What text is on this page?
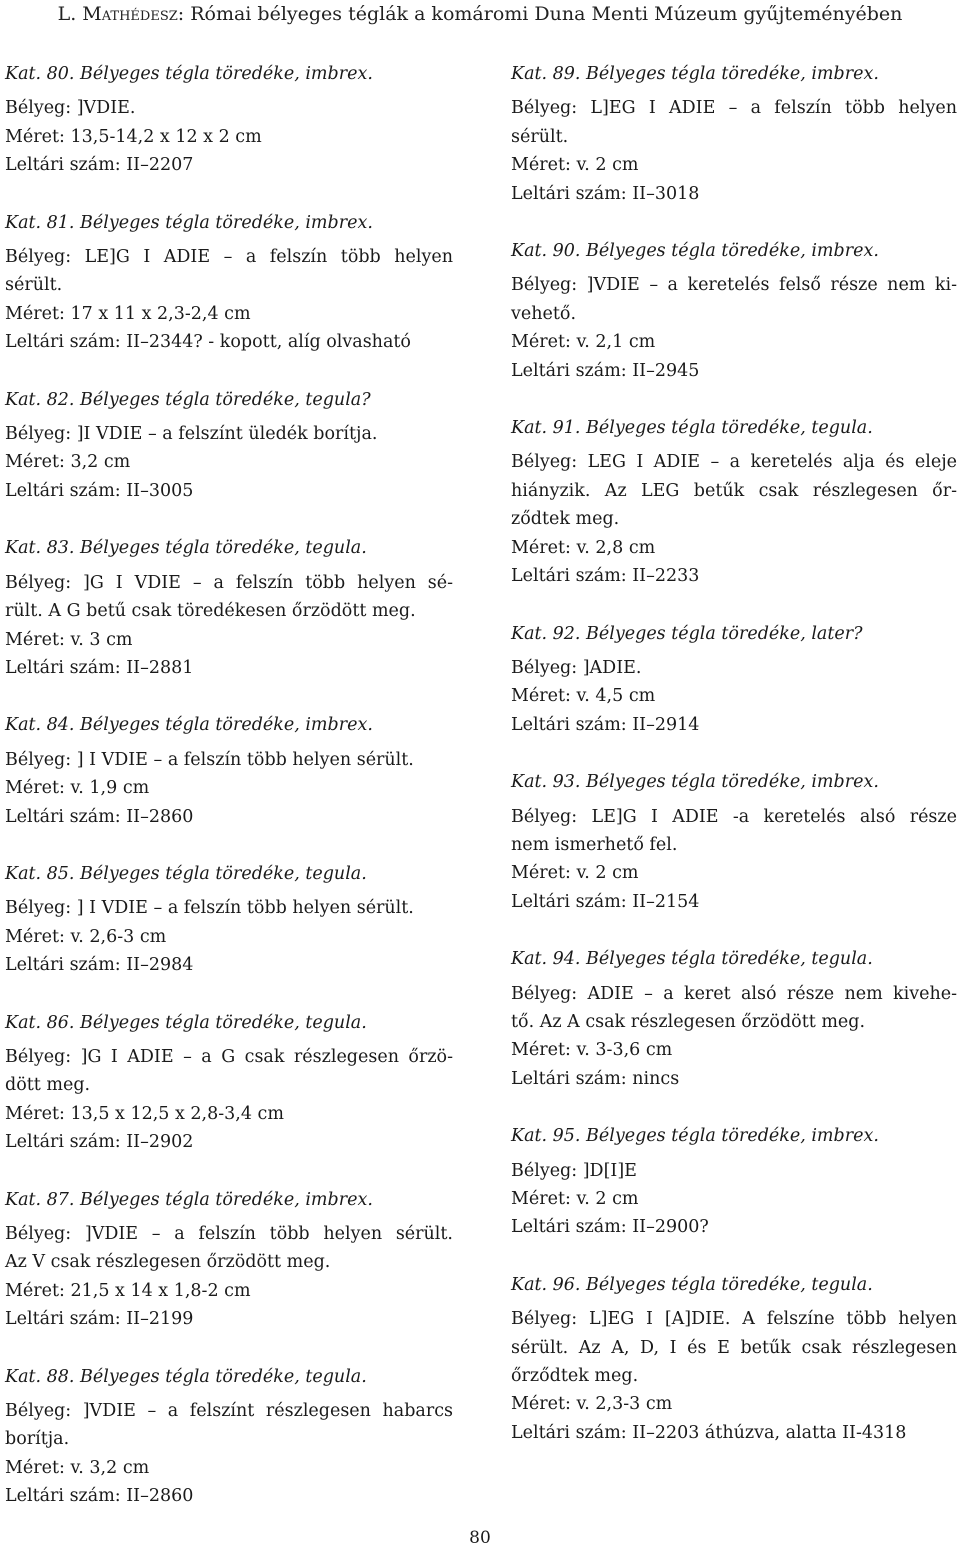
L. Mathédesz: Római bélyeges téglák a komáromi Duna Menti Múzeum gyűjteményében
Kat. 80. Bélyeges tégla töredéke, imbrex.
Bélyeg: ]VDIE.
Méret: 13,5-14,2 x 12 x 2 cm
Leltári szám: II–2207
Kat. 81. Bélyeges tégla töredéke, imbrex.
Bélyeg: LE]G I ADIE – a felszín több helyen
sérült.
Méret: 17 x 11 x 2,3-2,4 cm
Leltári szám: II–2344? - kopott, alíg olvasható
Kat. 82. Bélyeges tégla töredéke, tegula?
Bélyeg: ]I VDIE – a felszínt üledék borítja.
Méret: 3,2 cm
Leltári szám: II–3005
Kat. 83. Bélyeges tégla töredéke, tegula.
Bélyeg: ]G I VDIE – a felszín több helyen sé-
rült. A G betű csak töredékesen őrzödött meg.
Méret: v. 3 cm
Leltári szám: II–2881
Kat. 84. Bélyeges tégla töredéke, imbrex.
Bélyeg: ] I VDIE – a felszín több helyen sérült.
Méret: v. 1,9 cm
Leltári szám: II–2860
Kat. 85. Bélyeges tégla töredéke, tegula.
Bélyeg: ] I VDIE – a felszín több helyen sérült.
Méret: v. 2,6-3 cm
Leltári szám: II–2984
Kat. 86. Bélyeges tégla töredéke, tegula.
Bélyeg: ]G I ADIE – a G csak részlegesen őrzö-
dött meg.
Méret: 13,5 x 12,5 x 2,8-3,4 cm
Leltári szám: II–2902
Kat. 87. Bélyeges tégla töredéke, imbrex.
Bélyeg: ]VDIE – a felszín több helyen sérült.
Az V csak részlegesen őrzödött meg.
Méret: 21,5 x 14 x 1,8-2 cm
Leltári szám: II–2199
Kat. 88. Bélyeges tégla töredéke, tegula.
Bélyeg: ]VDIE – a felszínt részlegesen habarcs
borítja.
Méret: v. 3,2 cm
Leltári szám: II–2860
Kat. 89. Bélyeges tégla töredéke, imbrex.
Bélyeg: L]EG I ADIE – a felszín több helyen
sérült.
Méret: v. 2 cm
Leltári szám: II–3018
Kat. 90. Bélyeges tégla töredéke, imbrex.
Bélyeg: ]VDIE – a keretelés felső része nem ki-
vehető.
Méret: v. 2,1 cm
Leltári szám: II–2945
Kat. 91. Bélyeges tégla töredéke, tegula.
Bélyeg: LEG I ADIE – a keretelés alja és eleje
hiányzik. Az LEG betűk csak részlegesen őr-
ződtek meg.
Méret: v. 2,8 cm
Leltári szám: II–2233
Kat. 92. Bélyeges tégla töredéke, later?
Bélyeg: ]ADIE.
Méret: v. 4,5 cm
Leltári szám: II–2914
Kat. 93. Bélyeges tégla töredéke, imbrex.
Bélyeg: LE]G I ADIE -a keretelés alsó része
nem ismerhető fel.
Méret: v. 2 cm
Leltári szám: II–2154
Kat. 94. Bélyeges tégla töredéke, tegula.
Bélyeg: ADIE – a keret alsó része nem kivehe-
tő. Az A csak részlegesen őrzödött meg.
Méret: v. 3-3,6 cm
Leltári szám: nincs
Kat. 95. Bélyeges tégla töredéke, imbrex.
Bélyeg: ]D[I]E
Méret: v. 2 cm
Leltári szám: II–2900?
Kat. 96. Bélyeges tégla töredéke, tegula.
Bélyeg: L]EG I [A]DIE. A felszíne több helyen
sérült. Az A, D, I és E betűk csak részlegesen
őrződtek meg.
Méret: v. 2,3-3 cm
Leltári szám: II–2203 áthúzva, alatta II-4318
80
